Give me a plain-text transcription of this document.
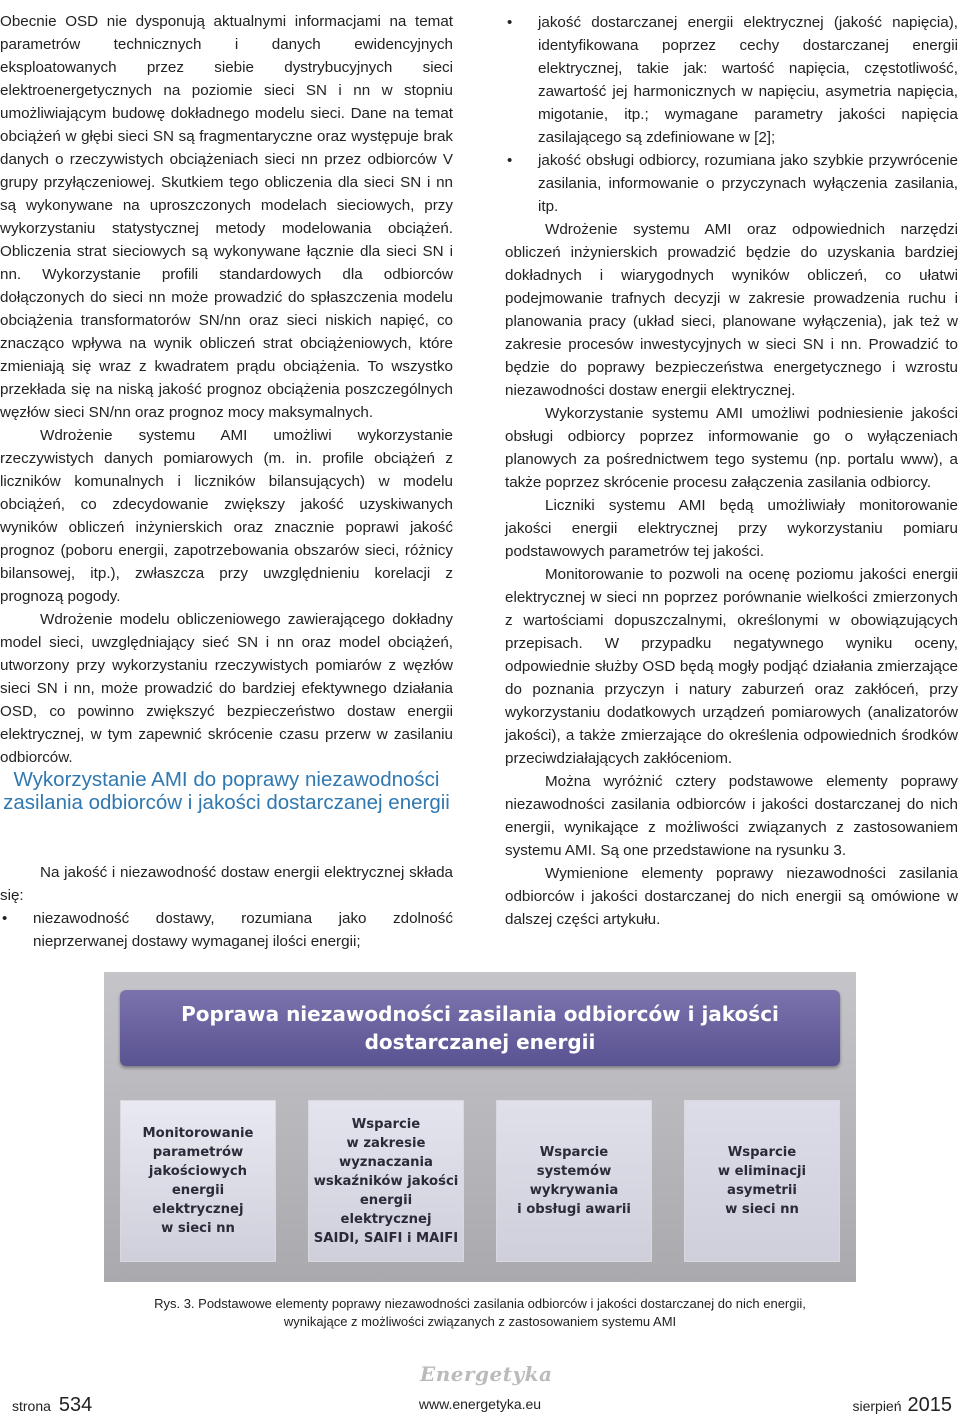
Obecnie OSD nie dysponują aktualnymi informacjami na temat parametrów technicznych i danych ewidencyjnych eksploatowanych przez siebie dystrybucyjnych sieci elektroenergetycznych na poziomie sieci SN i nn w stopniu umożliwiającym budowę dokładnego modelu sieci. Dane na temat obciążeń w głębi sieci SN są fragmentaryczne oraz występuje brak danych o rzeczywistych obciążeniach sieci nn przez odbiorców V grupy przyłączeniowej. Skutkiem tego obliczenia dla sieci SN i nn są wykonywane na uproszczonych modelach sieciowych, przy wykorzystaniu statystycznej metody modelowania obciążeń. Obliczenia strat sieciowych są wykonywane łącznie dla sieci SN i nn. Wykorzystanie profili standardowych dla odbiorców dołączonych do sieci nn może prowadzić do spłaszczenia modelu obciążenia transformatorów SN/nn oraz sieci niskich napięć, co znacząco wpływa na wynik obliczeń strat obciążeniowych, które zmieniają się wraz z kwadratem prądu obciążenia. To wszystko przekłada się na niską jakość prognoz obciążenia poszczególnych węzłów sieci SN/nn oraz prognoz mocy maksymalnych.

Wdrożenie systemu AMI umożliwi wykorzystanie rzeczywistych danych pomiarowych (m. in. profile obciążeń z liczników komunalnych i liczników bilansujących) w modelu obciążeń, co zdecydowanie zwiększy jakość uzyskiwanych wyników obliczeń inżynierskich oraz znacznie poprawi jakość prognoz (poboru energii, zapotrzebowania obszarów sieci, różnicy bilansowej, itp.), zwłaszcza przy uwzględnieniu korelacji z prognozą pogody.

Wdrożenie modelu obliczeniowego zawierającego dokładny model sieci, uwzględniający sieć SN i nn oraz model obciążeń, utworzony przy wykorzystaniu rzeczywistych pomiarów z węzłów sieci SN i nn, może prowadzić do bardziej efektywnego działania OSD, co powinno zwiększyć bezpieczeństwo dostaw energii elektrycznej, w tym zapewnić skrócenie czasu przerw w zasilaniu odbiorców.

Wykorzystanie AMI do poprawy niezawodności zasilania odbiorców i jakości dostarczanej energii

Na jakość i niezawodność dostaw energii elektrycznej składa się:

• niezawodność dostawy, rozumiana jako zdolność nieprzerwanej dostawy wymaganej ilości energii;

• jakość dostarczanej energii elektrycznej (jakość napięcia), identyfikowana poprzez cechy dostarczanej energii elektrycznej, takie jak: wartość napięcia, częstotliwość, zawartość jej harmonicznych w napięciu, asymetria napięcia, migotanie, itp.; wymagane parametry jakości napięcia zasilającego są zdefiniowane w [2];

• jakość obsługi odbiorcy, rozumiana jako szybkie przywrócenie zasilania, informowanie o przyczynach wyłączenia zasilania, itp.

Wdrożenie systemu AMI oraz odpowiednich narzędzi obliczeń inżynierskich prowadzić będzie do uzyskania bardziej dokładnych i wiarygodnych wyników obliczeń, co ułatwi podejmowanie trafnych decyzji w zakresie prowadzenia ruchu i planowania pracy (układ sieci, planowane wyłączenia), jak też w zakresie procesów inwestycyjnych w sieci SN i nn. Prowadzić to będzie do poprawy bezpieczeństwa energetycznego i wzrostu niezawodności dostaw energii elektrycznej.

Wykorzystanie systemu AMI umożliwi podniesienie jakości obsługi odbiorcy poprzez informowanie go o wyłączeniach planowych za pośrednictwem tego systemu (np. portalu www), a także poprzez skrócenie procesu załączenia zasilania odbiorcy.

Liczniki systemu AMI będą umożliwiały monitorowanie jakości energii elektrycznej przy wykorzystaniu pomiaru podstawowych parametrów tej jakości.

Monitorowanie to pozwoli na ocenę poziomu jakości energii elektrycznej w sieci nn poprzez porównanie wielkości zmierzonych z wartościami dopuszczalnymi, określonymi w obowiązujących przepisach. W przypadku negatywnego wyniku oceny, odpowiednie służby OSD będą mogły podjąć działania zmierzające do poznania przyczyn i natury zaburzeń oraz zakłóceń, przy wykorzystaniu dodatkowych urządzeń pomiarowych (analizatorów jakości), a także zmierzające do określenia odpowiednich środków przeciwdziałających zakłóceniom.

Można wyróżnić cztery podstawowe elementy poprawy niezawodności zasilania odbiorców i jakości dostarczanej do nich energii, wynikające z możliwości związanych z zastosowaniem systemu AMI. Są one przedstawione na rysunku 3.

Wymienione elementy poprawy niezawodności zasilania odbiorców i jakości dostarczanej do nich energii są omówione w dalszej części artykułu.

Poprawa niezawodności zasilania odbiorców i jakości dostarczanej energii
Monitorowanie
parametrów
jakościowych
energii elektrycznej
w sieci nn
Wsparcie
w zakresie
wyznaczania
wskaźników jakości
energii elektrycznej
SAIDI, SAIFI i MAIFI
Wsparcie
systemów
wykrywania
i obsługi awarii
Wsparcie
w eliminacji
asymetrii
w sieci nn
Rys. 3. Podstawowe elementy poprawy niezawodności zasilania odbiorców i jakości dostarczanej do nich energii,
wynikające z możliwości związanych z zastosowaniem systemu AMI
Energetyka
strona 534	www.energetyka.eu	sierpień 2015
